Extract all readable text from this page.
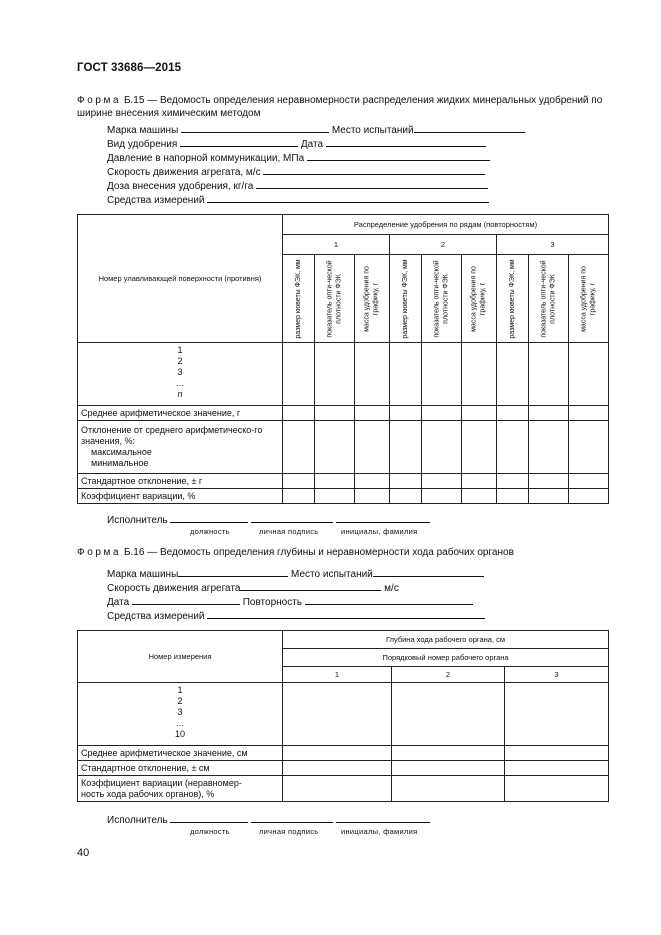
ГОСТ 33686—2015
Форма Б.15 — Ведомость определения неравномерности распределения жидких минеральных удобрений по ширине внесения химическим методом
Марка машины	Место испытаний
Вид удобрения	Дата
Давление в напорной коммуникации, МПа
Скорость движения агрегата, м/с
Доза внесения удобрения, кг/га
Средства измерений
Номер улавливающей поверхности (противня)	Распределение удобрения по рядам (повторностям)								
	1			2			3		

	размер кюветы ФЭК, мм	показатель опти-ческой плотности ФЭК	масса удобрения по графику, г	размер кюветы ФЭК, мм	показатель опти-ческой плотности ФЭК	масса удобрения по графику, г	размер кюветы ФЭК, мм	показатель опти-ческой плотности ФЭК	масса удобрения по графику, г

1
2
3
…
n									

Среднее арифметическое значение, г									

Отклонение от среднего арифметическо-го значения, %:
максимальное
минимальное									

Стандартное отклонение, ± г									
Коэффициент вариации, %									
Исполнитель
должность	личная подпись	инициалы, фамилия
Форма Б.16 — Ведомость определения глубины и неравномерности хода рабочих органов
Марка машины	Место испытаний
Скорость движения агрегата	м/с
Дата	Повторность
Средства измерений
Номер измерения	Глубина хода рабочего органа, см		
	Порядковый номер рабочего органа		
	1	2	3

1
2
3
…
10			

Среднее арифметическое значение, см			
Стандартное отклонение, ± см			

Коэффициент вариации (неравномер-
ность хода рабочих органов), %			

Исполнитель
должность	личная подпись	инициалы, фамилия
40
